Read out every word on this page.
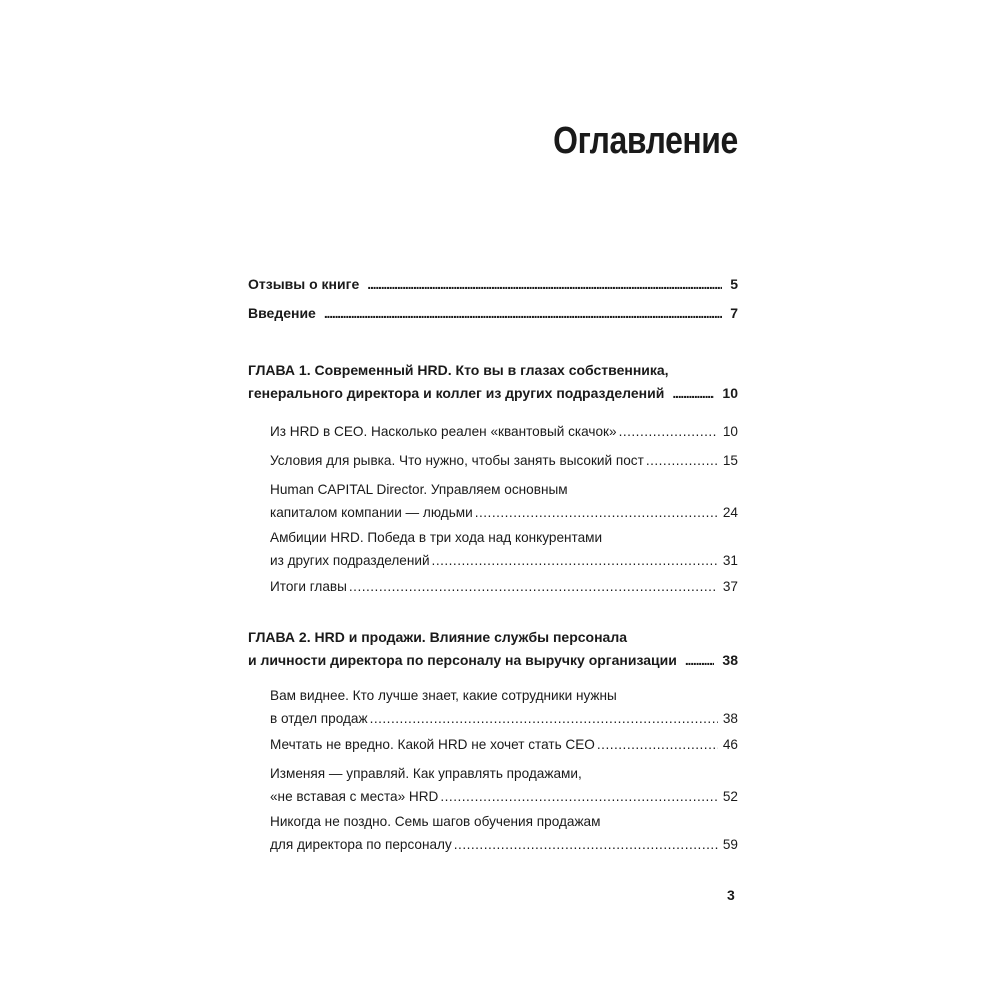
Оглавление
Отзывы о книге .....	5
Введение .....	7
ГЛАВА 1. Современный HRD. Кто вы в глазах собственника,
генерального директора и коллег из других подразделений .....	10
Из HRD в CEO. Насколько реален «квантовый скачок» .....	10
Условия для рывка. Что нужно, чтобы занять высокий пост .....	15
Human CAPITAL Director. Управляем основным
капиталом компании — людьми .....	24
Амбиции HRD. Победа в три хода над конкурентами
из других подразделений .....	31
Итоги главы .....	37
ГЛАВА 2. HRD и продажи. Влияние службы персонала
и личности директора по персоналу на выручку организации .....	38
Вам виднее. Кто лучше знает, какие сотрудники нужны
в отдел продаж .....	38
Мечтать не вредно. Какой HRD не хочет стать CEO .....	46
Изменяя — управляй. Как управлять продажами,
«не вставая с места» HRD .....	52
Никогда не поздно. Семь шагов обучения продажам
для директора по персоналу .....	59

3
